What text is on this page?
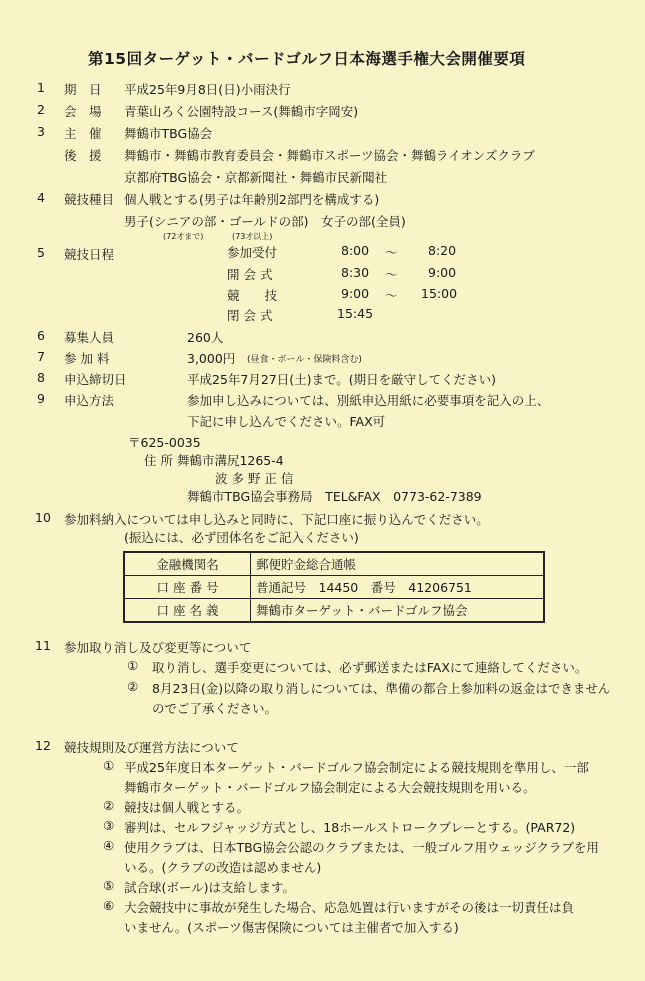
第15回ターゲット・バードゴルフ日本海選手権大会開催要項
1 期　日 平成25年9月8日(日)小雨決行
2 会　場 青葉山ろく公園特設コース(舞鶴市字岡安)
3 主　催 舞鶴市TBG協会
後　援 舞鶴市・舞鶴市教育委員会・舞鶴市スポーツ協会・舞鶴ライオンズクラブ
京都府TBG協会・京都新聞社・舞鶴市民新聞社
4 競技種目 個人戦とする(男子は年齢別2部門を構成する)
男子(シニアの部・ゴールドの部)　女子の部(全員)
(72才まで)	(73才以上)
5 競技日程	参加受付	8:00 〜 8:20
開 会 式	8:30 〜 9:00
競　　技	9:00 〜 15:00
閉 会 式	15:45
6 募集人員	260人
7 参 加 料	3,000円 (昼食・ボール・保険料含む)
8 申込締切日	平成25年7月27日(土)まで。(期日を厳守してください)
9 申込方法	参加申し込みについては、別紙申込用紙に必要事項を記入の上、
下記に申し込んでください。FAX可
〒625-0035
住 所 舞鶴市溝尻1265-4
波 多 野 正 信
舞鶴市TBG協会事務局　TEL&FAX　0773-62-7389
10 参加料納入については申し込みと同時に、下記口座に振り込んでください。
(振込には、必ず団体名をご記入ください)
金融機関名	郵便貯金総合通帳
口 座 番 号	普通記号　14450　番号　41206751
口 座 名 義	舞鶴市ターゲット・バードゴルフ協会
11 参加取り消し及び変更等について
① 取り消し、選手変更については、必ず郵送またはFAXにて連絡してください。
② 8月23日(金)以降の取り消しについては、準備の都合上参加料の返金はできません
のでご了承ください。
12 競技規則及び運営方法について
① 平成25年度日本ターゲット・バードゴルフ協会制定による競技規則を準用し、一部
舞鶴市ターゲット・バードゴルフ協会制定による大会競技規則を用いる。
② 競技は個人戦とする。
③ 審判は、セルフジャッジ方式とし、18ホールストロークプレーとする。(PAR72)
④ 使用クラブは、日本TBG協会公認のクラブまたは、一般ゴルフ用ウェッジクラブを用
いる。(クラブの改造は認めません)
⑤ 試合球(ボール)は支給します。
⑥ 大会競技中に事故が発生した場合、応急処置は行いますがその後は一切責任は負
いません。(スポーツ傷害保険については主催者で加入する)
